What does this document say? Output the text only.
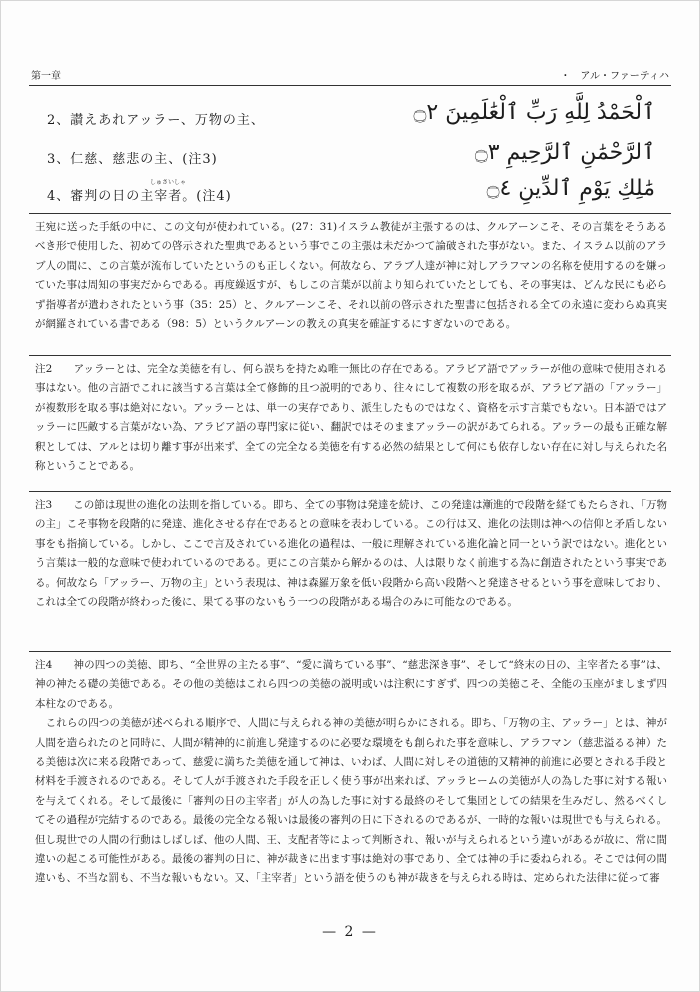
第一章	・　アル・ファーティハ
2、讃えあれアッラー、万物の主、	ٱلْحَمْدُ لِلَّهِ رَبِّ ٱلْعَٰلَمِينَ ۝٢
3、仁慈、慈悲の主、(注3)	ٱلرَّحْمَٰنِ ٱلرَّحِيمِ ۝٣
しゅさいしゃ
4、審判の日の主宰者。(注4)	مَٰلِكِ يَوْمِ ٱلدِّينِ ۝٤

王宛に送った手紙の中に、この文句が使われている。(27：31)イスラム教徒が主張するのは、クルアーンこそ、その言葉をそうあるべき形で使用した、初めての啓示された聖典であるという事でこの主張は未だかつて論破された事がない。また、イスラム以前のアラブ人の間に、この言葉が流布していたというのも正しくない。何故なら、アラブ人達が神に対しアラフマンの名称を使用するのを嫌っていた事は周知の事実だからである。再度繰返すが、もしこの言葉が以前より知られていたとしても、その事実は、どんな民にも必らず指導者が遣わされたという事（35：25）と、クルアーンこそ、それ以前の啓示された聖書に包括される全ての永遠に変わらぬ真実が網羅されている書である（98：5）というクルアーンの教えの真実を確証するにすぎないのである。

注2　　アッラーとは、完全な美徳を有し、何ら誤ちを持たぬ唯一無比の存在である。アラビア語でアッラーが他の意味で使用される事はない。他の言語でこれに該当する言葉は全て修飾的且つ説明的であり、往々にして複数の形を取るが、アラビア語の「アッラー」が複数形を取る事は絶対にない。アッラーとは、単一の実存であり、派生したものではなく、資格を示す言葉でもない。日本語ではアッラーに匹敵する言葉がない為、アラビア語の専門家に従い、翻訳ではそのままアッラーの訳があてられる。アッラーの最も正確な解釈としては、アルとは切り離す事が出来ず、全ての完全なる美徳を有する必然の結果として何にも依存しない存在に対し与えられた名称ということである。

注3　　この節は現世の進化の法則を指している。即ち、全ての事物は発達を続け、この発達は漸進的で段階を経てもたらされ、「万物の主」こそ事物を段階的に発達、進化させる存在であるとの意味を表わしている。この行は又、進化の法則は神への信仰と矛盾しない事をも指摘している。しかし、ここで言及されている進化の過程は、一般に理解されている進化論と同一という訳ではない。進化という言葉は一般的な意味で使われているのである。更にこの言葉から解かるのは、人は限りなく前進する為に創造されたという事実である。何故なら「アッラー、万物の主」という表現は、神は森羅万象を低い段階から高い段階へと発達させるという事を意味しており、これは全ての段階が終わった後に、果てる事のないもう一つの段階がある場合のみに可能なのである。

注4　　神の四つの美徳、即ち、“全世界の主たる事”、“愛に満ちている事”、“慈悲深き事”、そして“終末の日の、主宰者たる事”は、神の神たる礎の美徳である。その他の美徳はこれら四つの美徳の説明或いは注釈にすぎず、四つの美徳こそ、全能の玉座がましまず四本柱なのである。

　これらの四つの美徳が述べられる順序で、人間に与えられる神の美徳が明らかにされる。即ち、「万物の主、アッラー」とは、神が人間を造られたのと同時に、人間が精神的に前進し発達するのに必要な環境をも創られた事を意味し、アラフマン（慈悲溢るる神）たる美徳は次に来る段階であって、慈愛に満ちた美徳を通して神は、いわば、人間に対しその道徳的又精神的前進に必要とされる手段と材料を手渡されるのである。そして人が手渡された手段を正しく使う事が出来れば、アッラヒームの美徳が人の為した事に対する報いを与えてくれる。そして最後に「審判の日の主宰者」が人の為した事に対する最終のそして集団としての結果を生みだし、然るべくしてその過程が完結するのである。最後の完全なる報いは最後の審判の日に下されるのであるが、一時的な報いは現世でも与えられる。但し現世での人間の行動はしばしば、他の人間、王、支配者等によって判断され、報いが与えられるという違いがあるが故に、常に間違いの起こる可能性がある。最後の審判の日に、神が裁きに出ます事は絶対の事であり、全ては神の手に委ねられる。そこでは何の間違いも、不当な罰も、不当な報いもない。又、「主宰者」という語を使うのも神が裁きを与えられる時は、定められた法律に従って審

— 2 —
